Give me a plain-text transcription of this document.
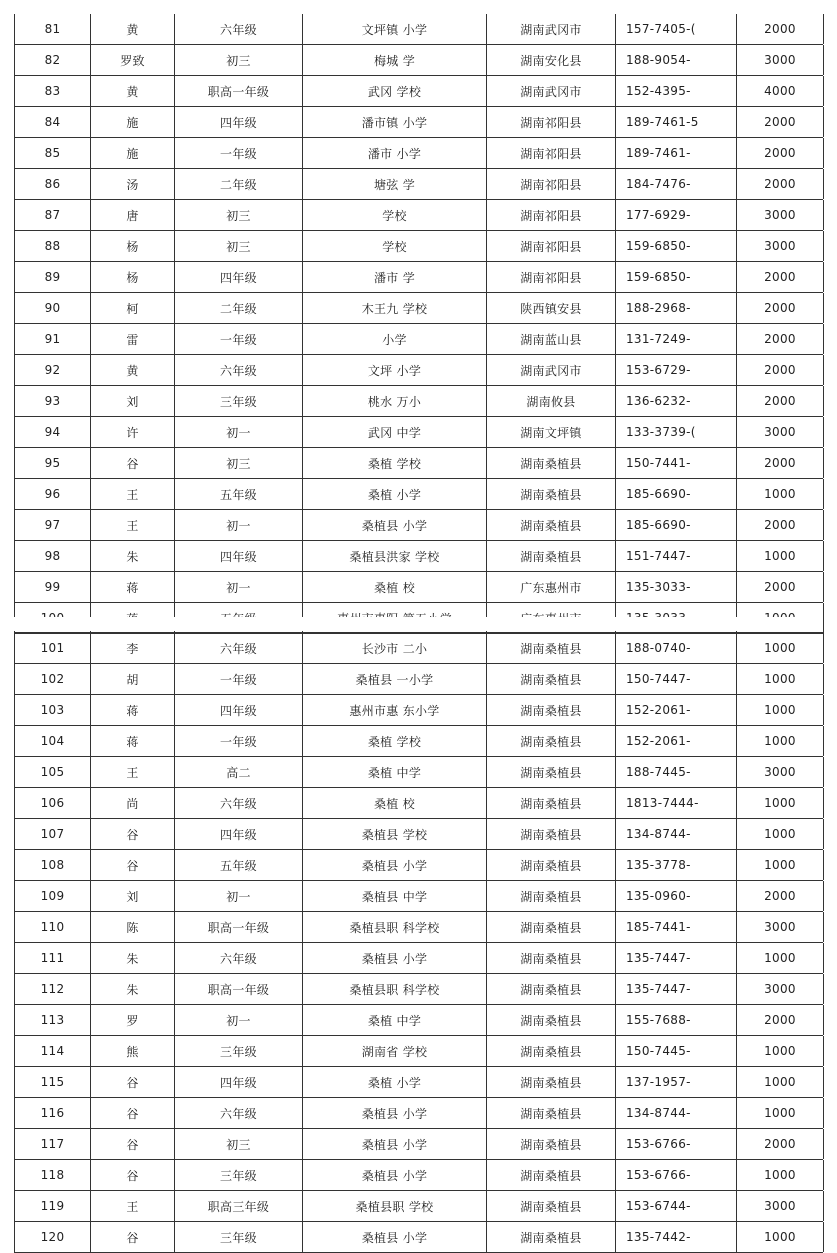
81	黄​	六年级	文坪镇 小学	湖南武冈市	157-7405-(	2000
82	罗致	初三	梅城 学	湖南安化县	188-9054-	3000
83	黄	职高一年级	武冈 学校	湖南武冈市	152-4395-	4000
84	施	四年级	潘市镇 小学	湖南祁阳县	189-7461-5	2000
85	施	一年级	潘市 小学	湖南祁阳县	189-7461-	2000
86	汤	二年级	塘弦 学	湖南祁阳县	184-7476-	2000
87	唐	初三	学校	湖南祁阳县	177-6929-	3000
88	杨	初三	学校	湖南祁阳县	159-6850-	3000
89	杨	四年级	潘市 学	湖南祁阳县	159-6850-	2000
90	柯	二年级	木王九 学校	陕西镇安县	188-2968-	2000
91	雷	一年级	小学	湖南蓝山县	131-7249-	2000
92	黄	六年级	文坪 小学	湖南武冈市	153-6729-	2000
93	刘	三年级	桃水 万小	湖南攸县	136-6232-	2000
94	许	初一	武冈 中学	湖南文坪镇	133-3739-(	3000
95	谷	初三	桑植 学校	湖南桑植县	150-7441-	2000
96	王	五年级	桑植 小学	湖南桑植县	185-6690-	1000
97	王	初一	桑植县 小学	湖南桑植县	185-6690-	2000
98	朱	四年级	桑植县洪家 学校	湖南桑植县	151-7447-	1000
99	蒋	初一	桑植 校	广东惠州市	135-3033-	2000
101	李	六年级	长沙市 二小	湖南桑植县	188-0740-	1000
102	胡	一年级	桑植县 一小学	湖南桑植县	150-7447-	1000
103	蒋	四年级	惠州市惠 东小学	湖南桑植县	152-2061-	1000
104	蒋	一年级	桑植 学校	湖南桑植县	152-2061-	1000
105	王	高二	桑植 中学	湖南桑植县	188-7445-	3000
106	尚	六年级	桑植 校	湖南桑植县	1813-7444-	1000
107	谷	四年级	桑植县 学校	湖南桑植县	134-8744-	1000
108	谷	五年级	桑植县 小学	湖南桑植县	135-3778-	1000
109	刘	初一	桑植县 中学	湖南桑植县	135-0960-	2000
110	陈	职高一年级	桑植县职 科学校	湖南桑植县	185-7441-	3000
111	朱	六年级	桑植县 小学	湖南桑植县	135-7447-	1000
112	朱	职高一年级	桑植县职 科学校	湖南桑植县	135-7447-	3000
113	罗	初一	桑植 中学	湖南桑植县	155-7688-	2000
114	熊	三年级	湖南省 学校	湖南桑植县	150-7445-	1000
115	谷	四年级	桑植 小学	湖南桑植县	137-1957-	1000
116	谷	六年级	桑植县 小学	湖南桑植县	134-8744-	1000
117	谷	初三	桑植县 小学	湖南桑植县	153-6766-	2000
118	谷	三年级	桑植县 小学	湖南桑植县	153-6766-	1000
119	王	职高三年级	桑植县职 学校	湖南桑植县	153-6744-	3000
120	谷	三年级	桑植县 小学	湖南桑植县	135-7442-	1000
